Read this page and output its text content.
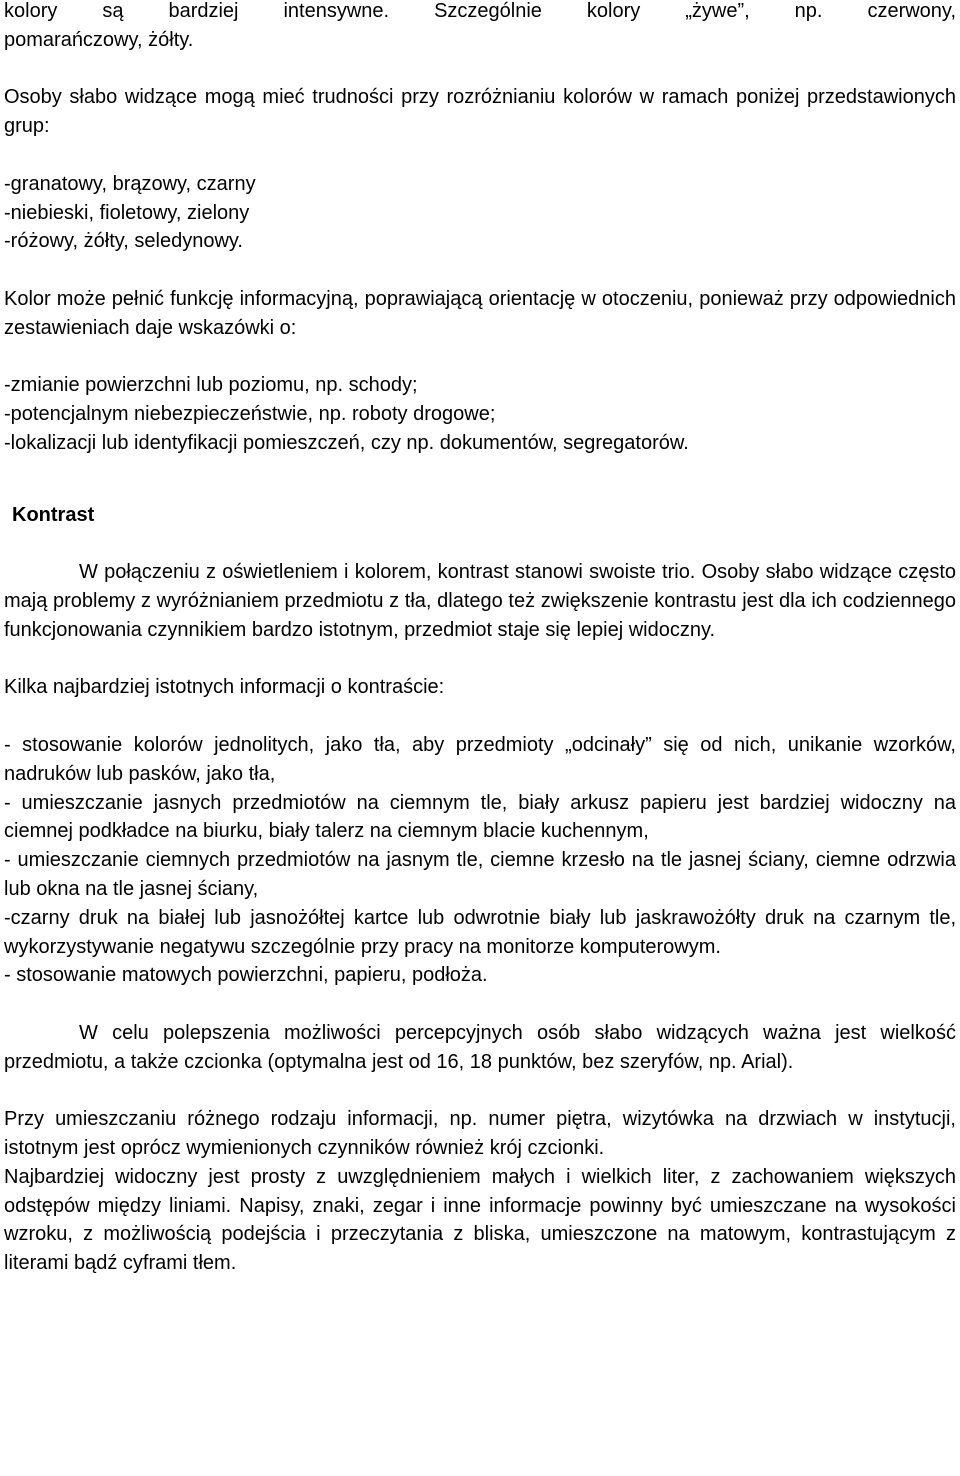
kolory są bardziej intensywne. Szczególnie kolory „żywe”, np. czerwony,

pomarańczowy, żółty.

Osoby słabo widzące mogą mieć trudności przy rozróżnianiu kolorów w ramach poniżej przedstawionych grup:

-granatowy, brązowy, czarny
-niebieski, fioletowy, zielony
-różowy, żółty, seledynowy.

Kolor może pełnić funkcję informacyjną, poprawiającą orientację w otoczeniu, ponieważ przy odpowiednich zestawieniach daje wskazówki o:

-zmianie powierzchni lub poziomu, np. schody;
-potencjalnym niebezpieczeństwie, np. roboty drogowe;
-lokalizacji lub identyfikacji pomieszczeń, czy np. dokumentów, segregatorów.

Kontrast

W połączeniu z oświetleniem i kolorem, kontrast stanowi swoiste trio. Osoby słabo widzące często mają problemy z wyróżnianiem przedmiotu z tła, dlatego też zwiększenie kontrastu jest dla ich codziennego funkcjonowania czynnikiem bardzo istotnym, przedmiot staje się lepiej widoczny.

Kilka najbardziej istotnych informacji o kontraście:

- stosowanie kolorów jednolitych, jako tła, aby przedmioty „odcinały” się od nich, unikanie wzorków, nadruków lub pasków, jako tła,

- umieszczanie jasnych przedmiotów na ciemnym tle, biały arkusz papieru jest bardziej widoczny na ciemnej podkładce na biurku, biały talerz na ciemnym blacie kuchennym,

- umieszczanie ciemnych przedmiotów na jasnym tle, ciemne krzesło na tle jasnej ściany, ciemne odrzwia lub okna na tle jasnej ściany,

-czarny druk na białej lub jasnożółtej kartce lub odwrotnie biały lub jaskrawożółty druk na czarnym tle, wykorzystywanie negatywu szczególnie przy pracy na monitorze komputerowym.

- stosowanie matowych powierzchni, papieru, podłoża.

W celu polepszenia możliwości percepcyjnych osób słabo widzących ważna jest wielkość przedmiotu, a także czcionka (optymalna jest od 16, 18 punktów, bez szeryfów, np. Arial).

Przy umieszczaniu różnego rodzaju informacji, np. numer piętra, wizytówka na drzwiach w instytucji, istotnym jest oprócz wymienionych czynników również krój czcionki.

Najbardziej widoczny jest prosty z uwzględnieniem małych i wielkich liter, z zachowaniem większych odstępów między liniami. Napisy, znaki, zegar i inne informacje powinny być umieszczane na wysokości wzroku, z możliwością podejścia i przeczytania z bliska, umieszczone na matowym, kontrastującym z literami bądź cyframi tłem.
